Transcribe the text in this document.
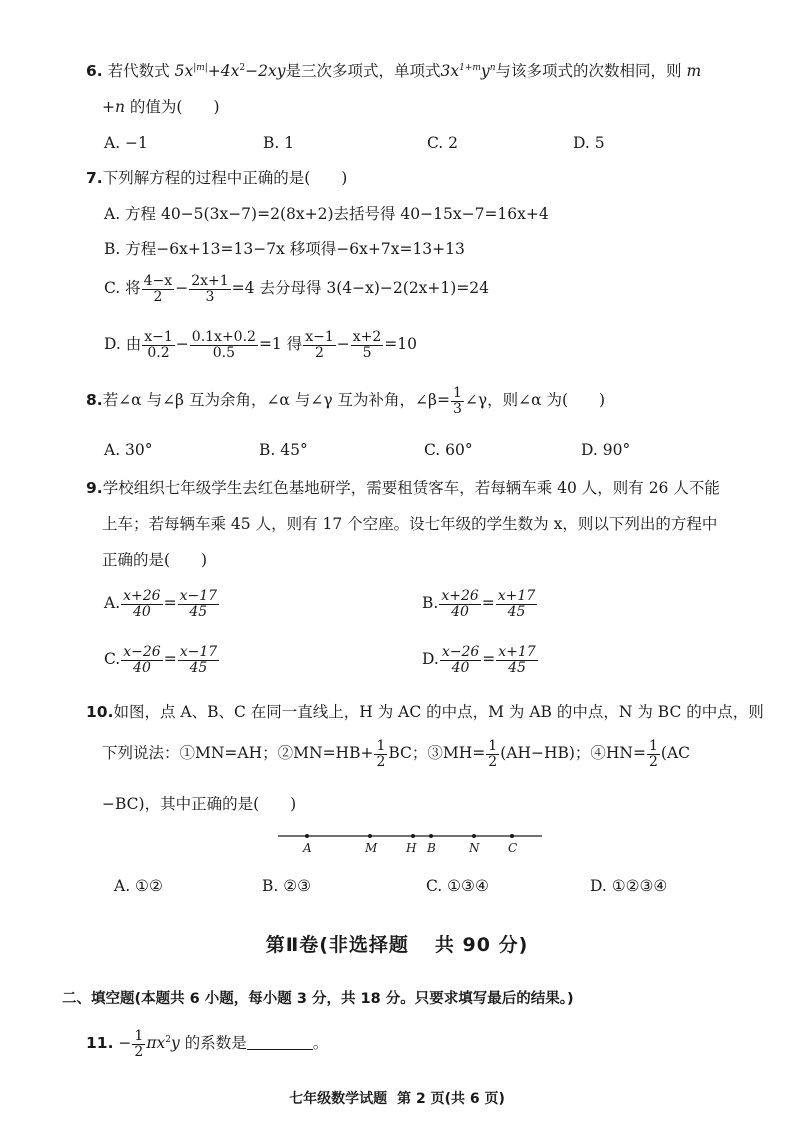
6. 若代数式 $5x^{|m|}+4x^2-2xy$是三次多项式，单项式$3x^{1+m}y^n$与该多项式的次数相同，则 m
+n 的值为(　　)
A. −1	B. 1	C. 2	D. 5
7.下列解方程的过程中正确的是(　　)
A. 方程 40−5(3x−7)=2(8x+2)去括号得 40−15x−7=16x+4
B. 方程−6x+13=13−7x 移项得−6x+7x=13+13
C. 将 $\frac{4-x}{2} - \frac{2x+1}{3} =4$ 去分母得 3(4−x)−2(2x+1)=24
D. 由 $\frac{x-1}{0.2} - \frac{0.1x+0.2}{0.5} =1$ 得 $\frac{x-1}{2} - \frac{x+2}{5} =10$
8.若∠α 与∠β 互为余角，∠α 与∠γ 互为补角，∠β= $\frac{1}{3}$ ∠γ，则∠α 为(　　)
A. 30°	B. 45°	C. 60°	D. 90°
9.学校组织七年级学生去红色基地研学，需要租赁客车，若每辆车乘 40 人，则有 26 人不能
上车；若每辆车乘 45 人，则有 17 个空座。设七年级的学生数为 x，则以下列出的方程中
正确的是(　　)
A. $\frac{x+26}{40} = \frac{x-17}{45}$	B. $\frac{x+26}{40} = \frac{x+17}{45}$
C. $\frac{x-26}{40} = \frac{x-17}{45}$	D. $\frac{x-26}{40} = \frac{x+17}{45}$
10.如图，点 A、B、C 在同一直线上，H 为 AC 的中点，M 为 AB 的中点，N 为 BC 的中点，则
下列说法：①MN=AH；②MN=HB+ $\frac{1}{2}$ BC；③MH= $\frac{1}{2} (AH-HB)$；④HN= $\frac{1}{2} (AC$
−BC)，其中正确的是(　　)
A	M H B	N C
A. ①②	B. ②③	C. ①③④	D. ①②③④
第Ⅱ卷(非选择题 共 90 分)
二、填空题(本题共 6 小题，每小题 3 分，共 18 分。只要求填写最后的结果。)
11. − $\frac{1}{2} \pi x^2y$ 的系数是	。
七年级数学试题 第 2 页(共 6 页)
